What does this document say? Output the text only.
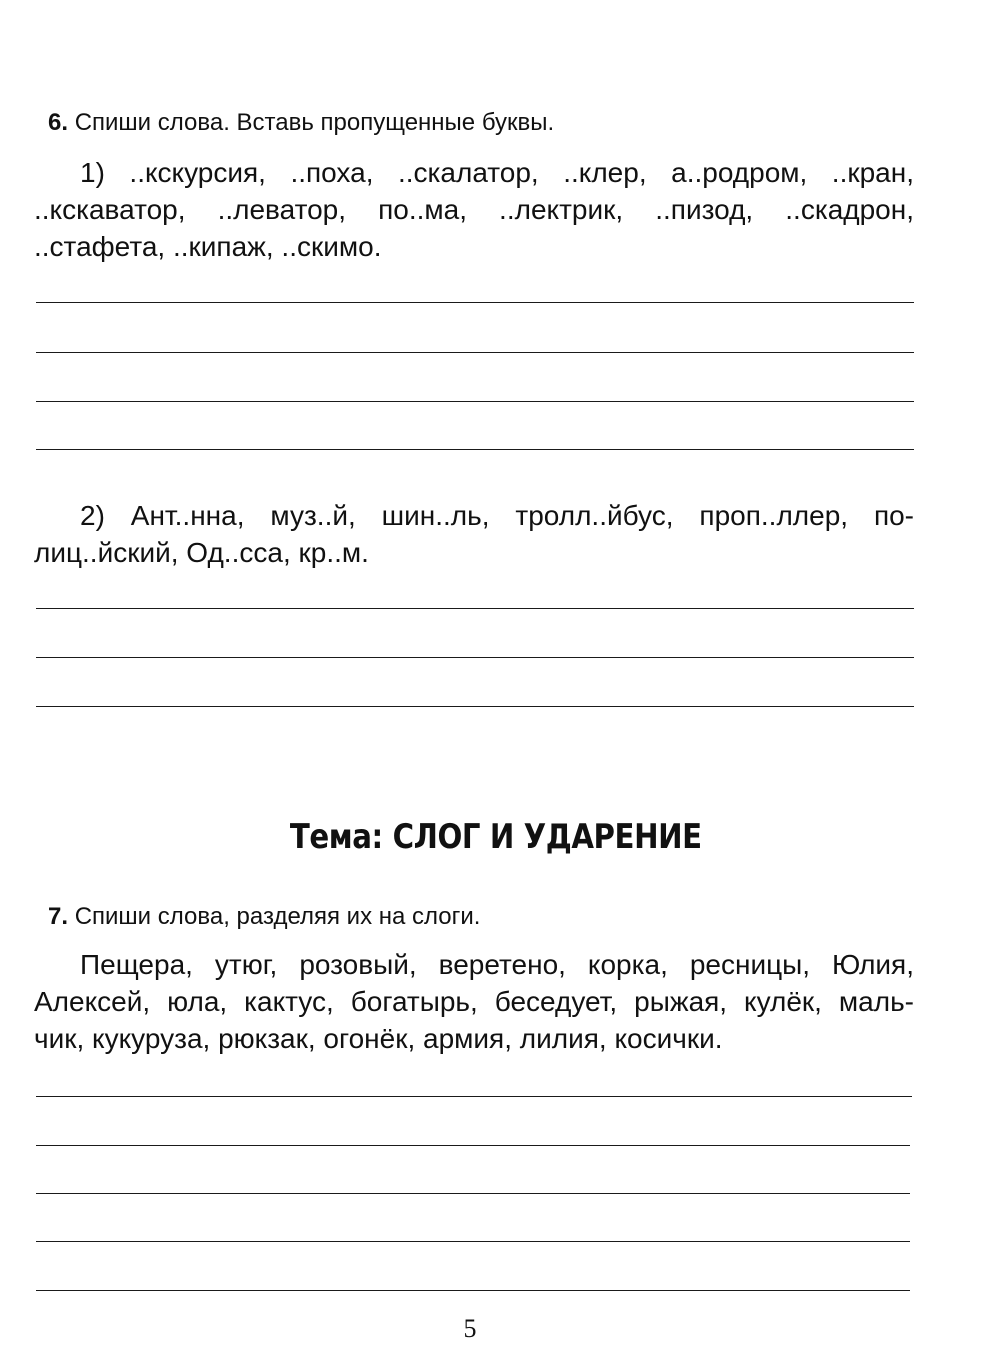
6. Спиши слова. Вставь пропущенные буквы.
1) ..кскурсия, ..поха, ..скалатор, ..клер, а..родром, ..кран,
..кскаватор, ..леватор, по..ма, ..лектрик, ..пизод, ..скадрон,
..стафета, ..кипаж, ..скимо.
2) Ант..нна, муз..й, шин..ль, тролл..йбус, проп..ллер, по-
лиц..йский, Од..сса, кр..м.
Тема: СЛОГ И УДАРЕНИЕ
7. Спиши слова, разделяя их на слоги.
Пещера, утюг, розовый, веретено, корка, ресницы, Юлия,
Алексей, юла, кактус, богатырь, беседует, рыжая, кулёк, маль-
чик, кукуруза, рюкзак, огонёк, армия, лилия, косички.
5
